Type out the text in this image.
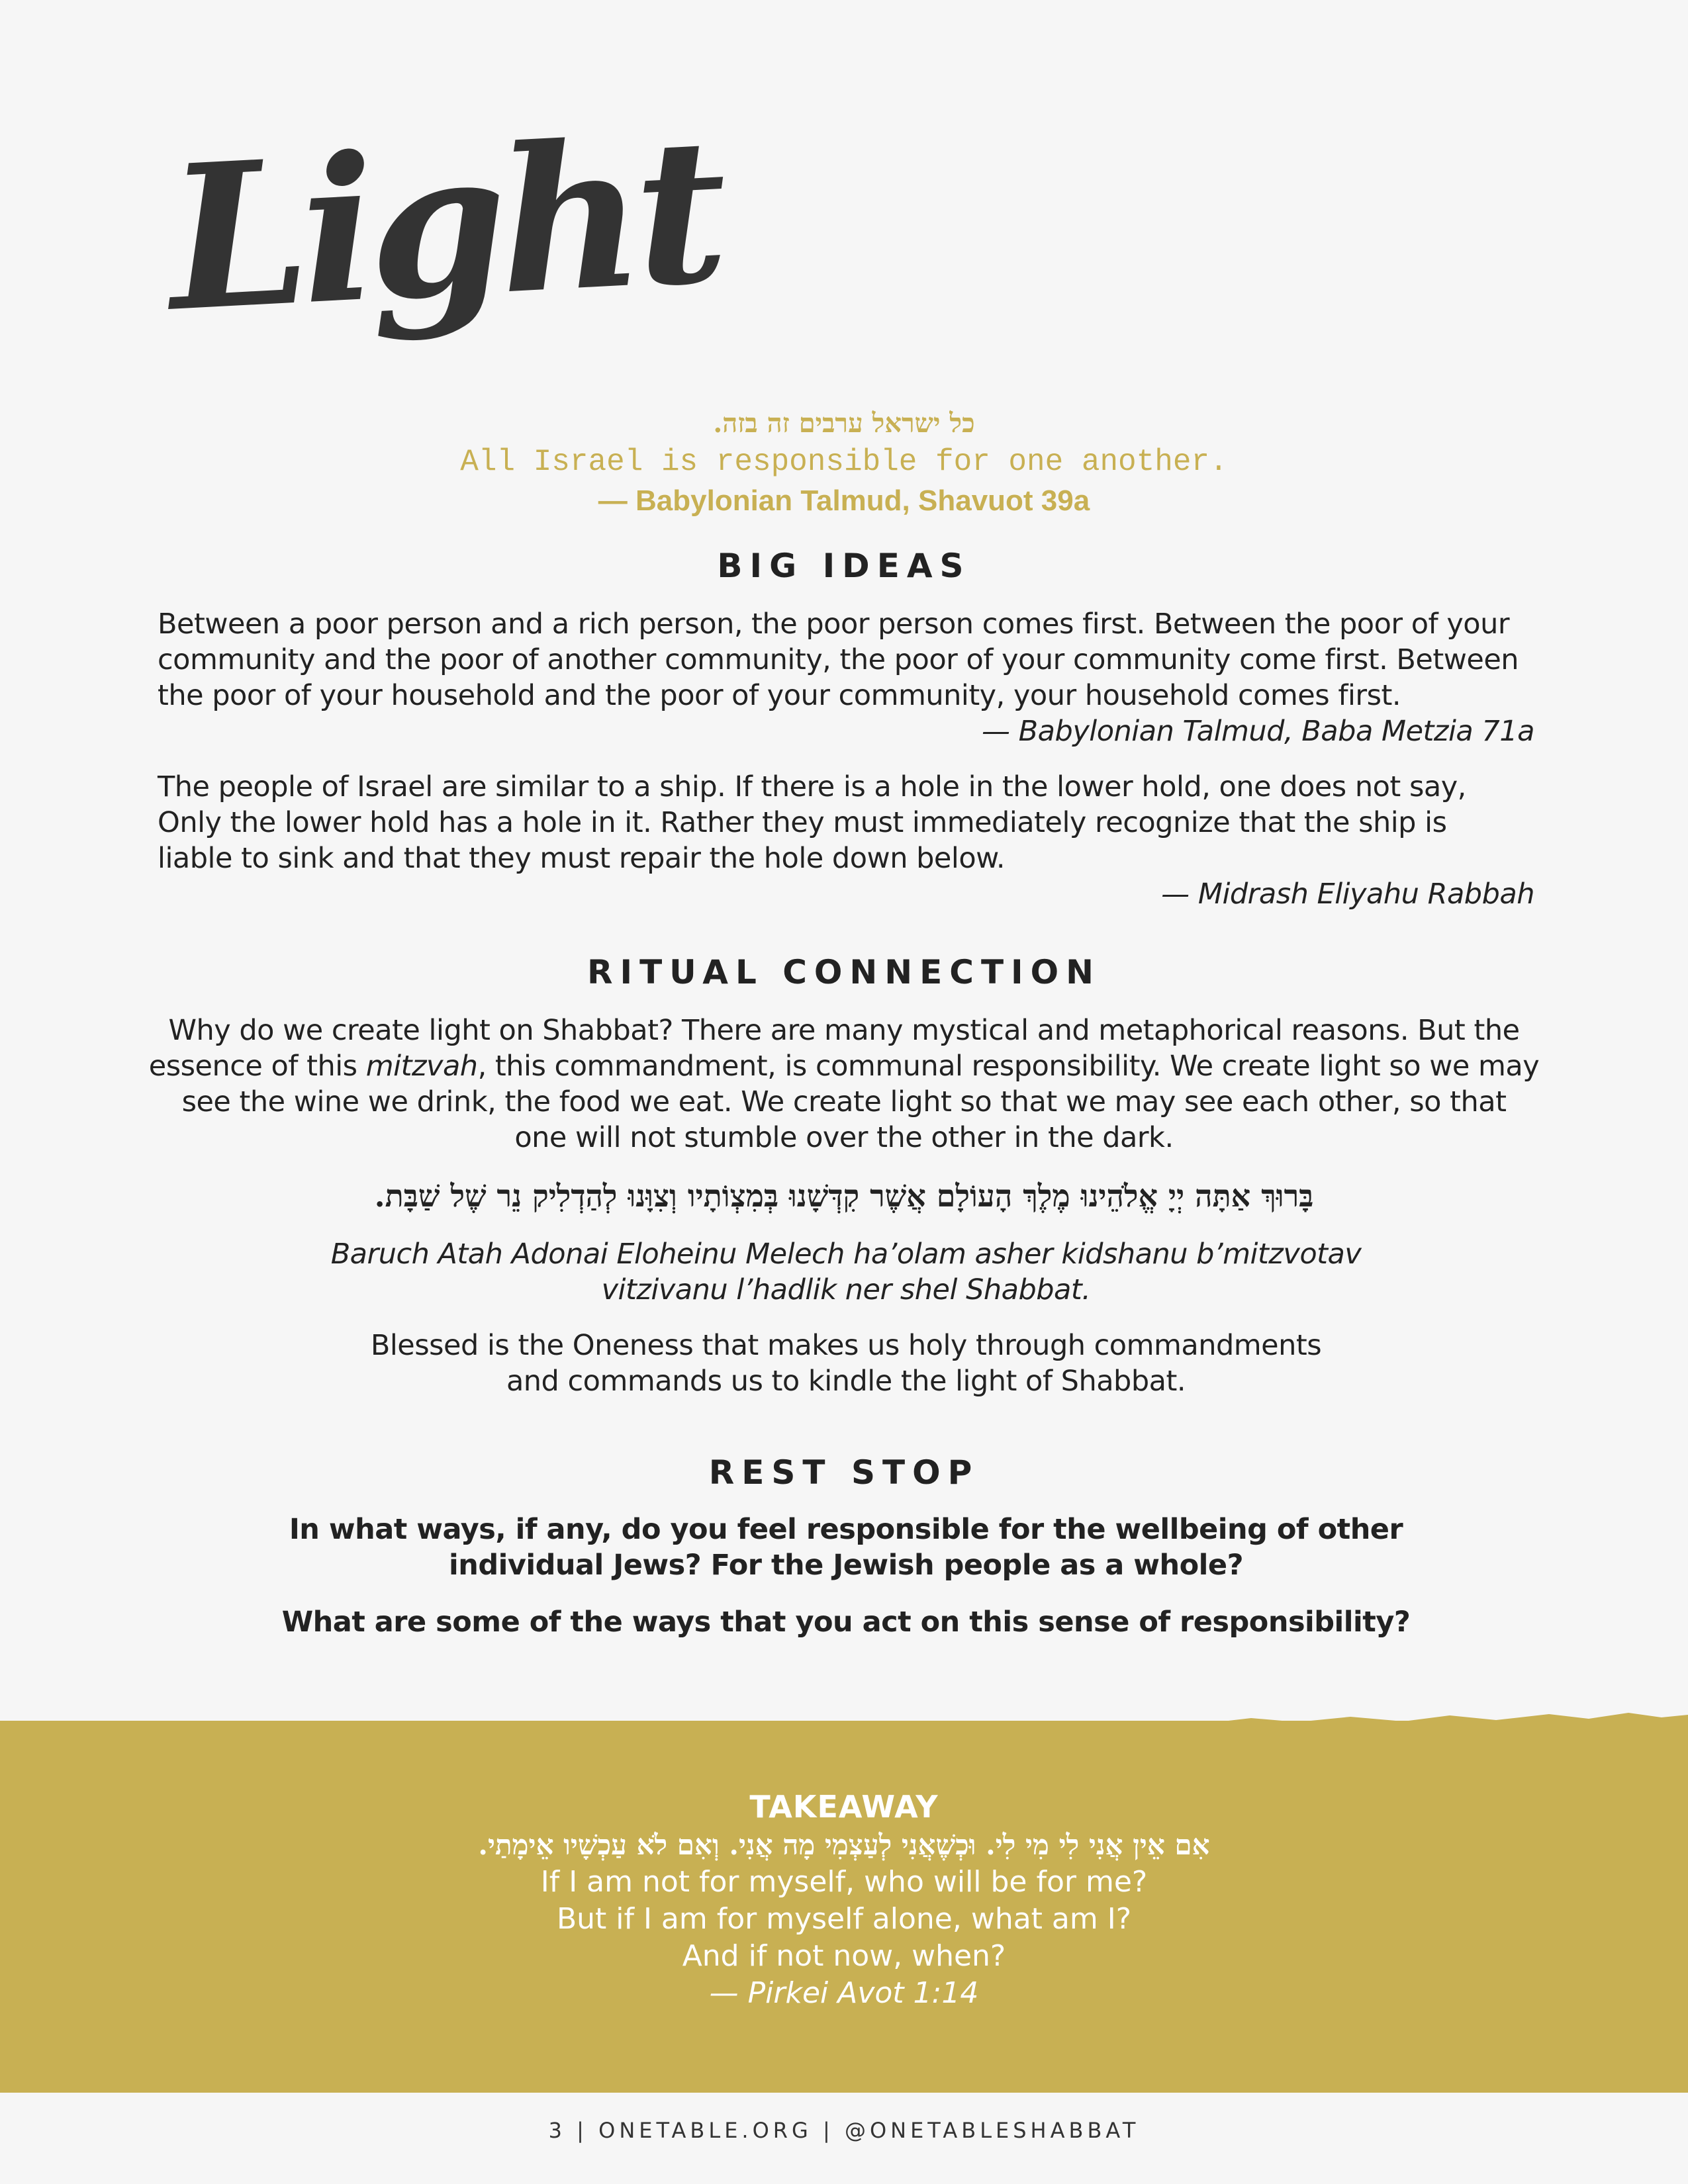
Light
כל ישראל ערבים זה בזה.
All Israel is responsible for one another.
— Babylonian Talmud, Shavuot 39a
BIG IDEAS
Between a poor person and a rich person, the poor person comes first. Between the poor of your
community and the poor of another community, the poor of your community come first. Between
the poor of your household and the poor of your community, your household comes first.
— Babylonian Talmud, Baba Metzia 71a
The people of Israel are similar to a ship. If there is a hole in the lower hold, one does not say,
Only the lower hold has a hole in it. Rather they must immediately recognize that the ship is
liable to sink and that they must repair the hole down below.
— Midrash Eliyahu Rabbah
RITUAL CONNECTION
Why do we create light on Shabbat? There are many mystical and metaphorical reasons. But the
essence of this mitzvah, this commandment, is communal responsibility. We create light so we may
see the wine we drink, the food we eat. We create light so that we may see each other, so that
one will not stumble over the other in the dark.
בָּרוּךְ אַתָּה יְיָ אֱלֹהֵינוּ מֶלֶךְ הָעוֹלָם אֲשֶׁר קִדְּשָׁנוּ בְּמִצְוֹתָיו וְצִוָּנוּ לְהַדְלִיק נֵר שֶׁל שַׁבָּת.
Baruch Atah Adonai Eloheinu Melech ha’olam asher kidshanu b’mitzvotav
vitzivanu l’hadlik ner shel Shabbat.
Blessed is the Oneness that makes us holy through commandments
and commands us to kindle the light of Shabbat.
REST STOP
In what ways, if any, do you feel responsible for the wellbeing of other
individual Jews? For the Jewish people as a whole?
What are some of the ways that you act on this sense of responsibility?
TAKEAWAY
אִם אֵין אֲנִי לִי מִי לִי. וּכְשֶׁאֲנִי לְעַצְמִי מָה אֲנִי. וְאִם לֹא עַכְשָׁיו אֵימָתַי.
If I am not for myself, who will be for me?
But if I am for myself alone, what am I?
And if not now, when?
— Pirkei Avot 1:14
3 | ONETABLE.ORG | @ONETABLESHABBAT
